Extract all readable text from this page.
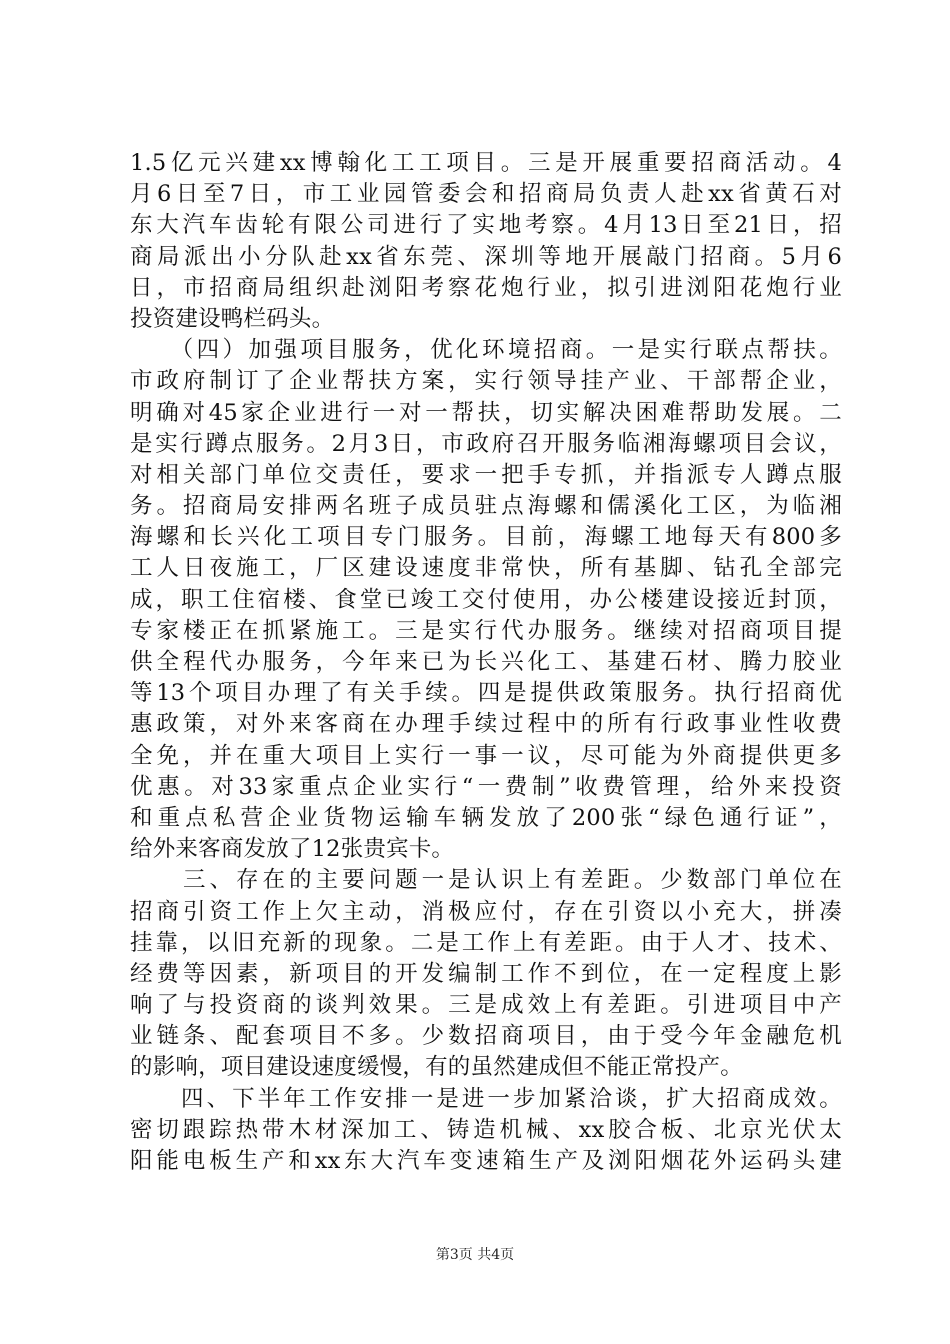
1.5亿元兴建xx博翰化工工项目。三是开展重要招商活动。4
月6日至7日，市工业园管委会和招商局负责人赴xx省黄石对
东大汽车齿轮有限公司进行了实地考察。4月13日至21日，招
商局派出小分队赴xx省东莞、深圳等地开展敲门招商。5月6
日，市招商局组织赴浏阳考察花炮行业，拟引进浏阳花炮行业
投资建设鸭栏码头。
　　（四）加强项目服务，优化环境招商。一是实行联点帮扶。
市政府制订了企业帮扶方案，实行领导挂产业、干部帮企业，
明确对45家企业进行一对一帮扶，切实解决困难帮助发展。二
是实行蹲点服务。2月3日，市政府召开服务临湘海螺项目会议，
对相关部门单位交责任，要求一把手专抓，并指派专人蹲点服
务。招商局安排两名班子成员驻点海螺和儒溪化工区，为临湘
海螺和长兴化工项目专门服务。目前，海螺工地每天有800多
工人日夜施工，厂区建设速度非常快，所有基脚、钻孔全部完
成，职工住宿楼、食堂已竣工交付使用，办公楼建设接近封顶，
专家楼正在抓紧施工。三是实行代办服务。继续对招商项目提
供全程代办服务，今年来已为长兴化工、基建石材、腾力胶业
等13个项目办理了有关手续。四是提供政策服务。执行招商优
惠政策，对外来客商在办理手续过程中的所有行政事业性收费
全免，并在重大项目上实行一事一议，尽可能为外商提供更多
优惠。对33家重点企业实行“一费制”收费管理，给外来投资
和重点私营企业货物运输车辆发放了200张“绿色通行证”，
给外来客商发放了12张贵宾卡。
　　三、存在的主要问题一是认识上有差距。少数部门单位在
招商引资工作上欠主动，消极应付，存在引资以小充大，拼凑
挂靠，以旧充新的现象。二是工作上有差距。由于人才、技术、
经费等因素，新项目的开发编制工作不到位，在一定程度上影
响了与投资商的谈判效果。三是成效上有差距。引进项目中产
业链条、配套项目不多。少数招商项目，由于受今年金融危机
的影响，项目建设速度缓慢，有的虽然建成但不能正常投产。
　　四、下半年工作安排一是进一步加紧洽谈，扩大招商成效。
密切跟踪热带木材深加工、铸造机械、xx胶合板、北京光伏太
阳能电板生产和xx东大汽车变速箱生产及浏阳烟花外运码头建
第3页 共4页
